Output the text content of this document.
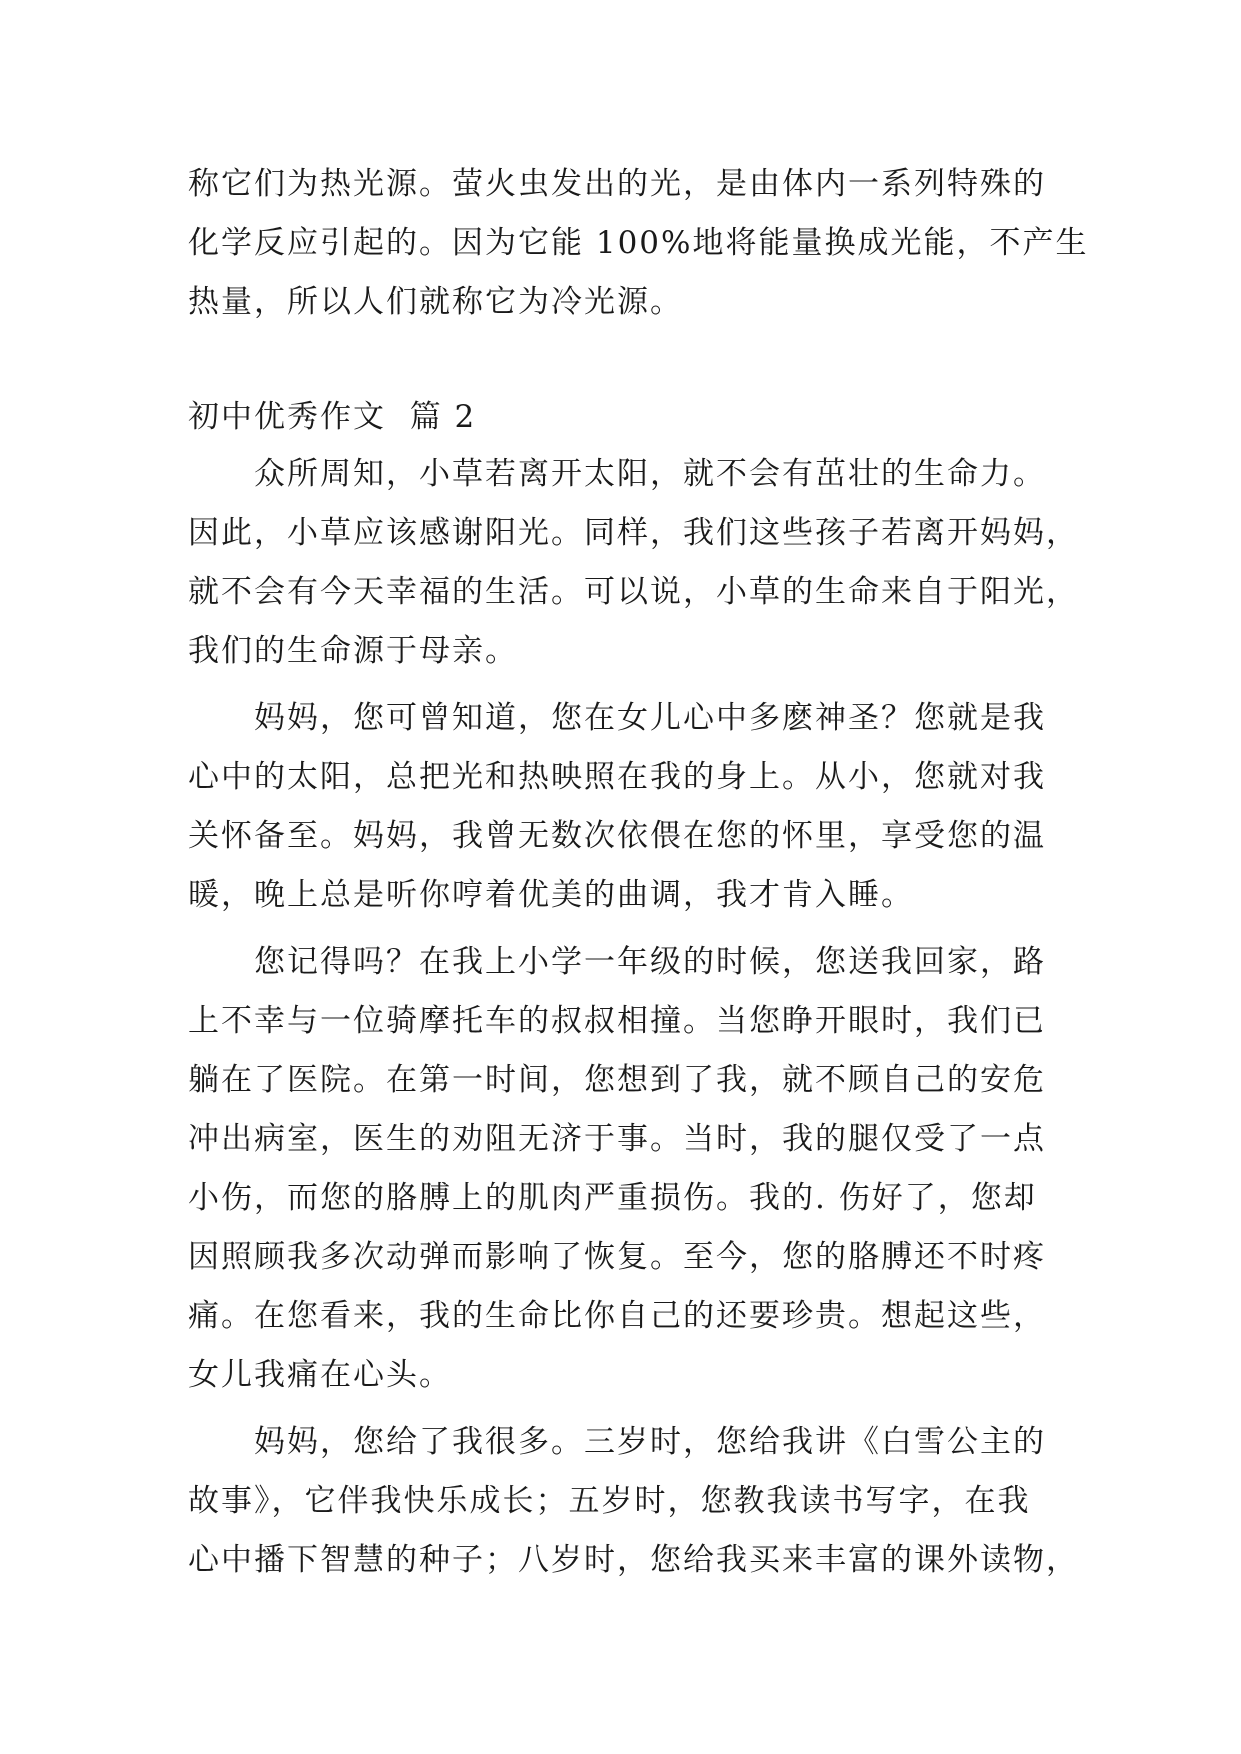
称它们为热光源。萤火虫发出的光，是由体内一系列特殊的
化学反应引起的。因为它能 100%地将能量换成光能，不产生
热量，所以人们就称它为冷光源。
初中优秀作文  篇 2
众所周知，小草若离开太阳，就不会有茁壮的生命力。
因此，小草应该感谢阳光。同样，我们这些孩子若离开妈妈，
就不会有今天幸福的生活。可以说，小草的生命来自于阳光，
我们的生命源于母亲。
妈妈，您可曾知道，您在女儿心中多麽神圣？您就是我
心中的太阳，总把光和热映照在我的身上。从小，您就对我
关怀备至。妈妈，我曾无数次依偎在您的怀里，享受您的温
暖，晚上总是听你哼着优美的曲调，我才肯入睡。
您记得吗？在我上小学一年级的时候，您送我回家，路
上不幸与一位骑摩托车的叔叔相撞。当您睁开眼时，我们已
躺在了医院。在第一时间，您想到了我，就不顾自己的安危
冲出病室，医生的劝阻无济于事。当时，我的腿仅受了一点
小伤，而您的胳膊上的肌肉严重损伤。我的. 伤好了，您却
因照顾我多次动弹而影响了恢复。至今，您的胳膊还不时疼
痛。在您看来，我的生命比你自己的还要珍贵。想起这些，
女儿我痛在心头。
妈妈，您给了我很多。三岁时，您给我讲《白雪公主的
故事》，它伴我快乐成长；五岁时，您教我读书写字，在我
心中播下智慧的种子；八岁时，您给我买来丰富的课外读物，
